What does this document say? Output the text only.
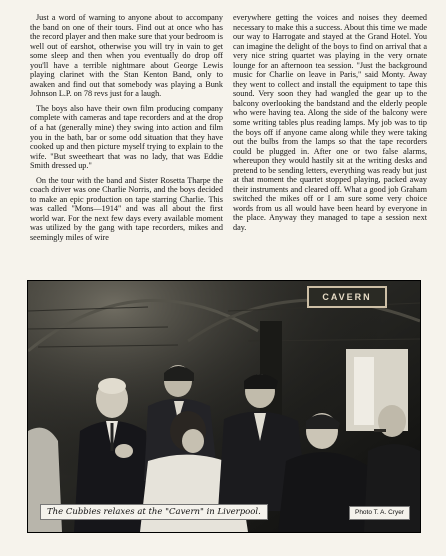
Just a word of warning to anyone about to accompany the band on one of their tours. Find out at once who has the record player and then make sure that your bedroom is well out of earshot, otherwise you will try in vain to get some sleep and then when you eventually do drop off you'll have a terrible nightmare about George Lewis playing clarinet with the Stan Kenton Band, only to awaken and find out that somebody was playing a Bunk Johnson L.P. on 78 revs just for a laugh.

The boys also have their own film producing company complete with cameras and tape recorders and at the drop of a hat (generally mine) they swing into action and film you in the bath, bar or some odd situation that they have cooked up and then picture myself trying to explain to the wife. "But sweetheart that was no lady, that was Eddie Smith dressed up."

On the tour with the band and Sister Rosetta Tharpe the coach driver was one Charlie Norris, and the boys decided to make an epic production on tape starring Charlie. This was called "Mons—1914" and was all about the first world war. For the next few days every available moment was utilized by the gang with tape recorders, mikes and seemingly miles of wire

everywhere getting the voices and noises they deemed necessary to make this a success. About this time we made our way to Harrogate and stayed at the Grand Hotel. You can imagine the delight of the boys to find on arrival that a very nice string quartet was playing in the very ornate lounge for an afternoon tea session. "Just the background music for Charlie on leave in Paris," said Monty. Away they went to collect and install the equipment to tape this sound. Very soon they had wangled the gear up to the balcony overlooking the bandstand and the elderly people who were having tea. Along the side of the balcony were some writing tables plus reading lamps. My job was to tip the boys off if anyone came along while they were taking out the bulbs from the lamps so that the tape recorders could be plugged in. After one or two false alarms, whereupon they would hastily sit at the writing desks and pretend to be sending letters, everything was ready but just at that moment the quartet stopped playing, packed away their instruments and cleared off. What a good job Graham switched the mikes off or I am sure some very choice words from us all would have been heard by everyone in the place. Anyway they managed to tape a session next day.

CAVERN
The Cubbies relaxes at the "Cavern" in Liverpool.	Photo T. A. Cryer
